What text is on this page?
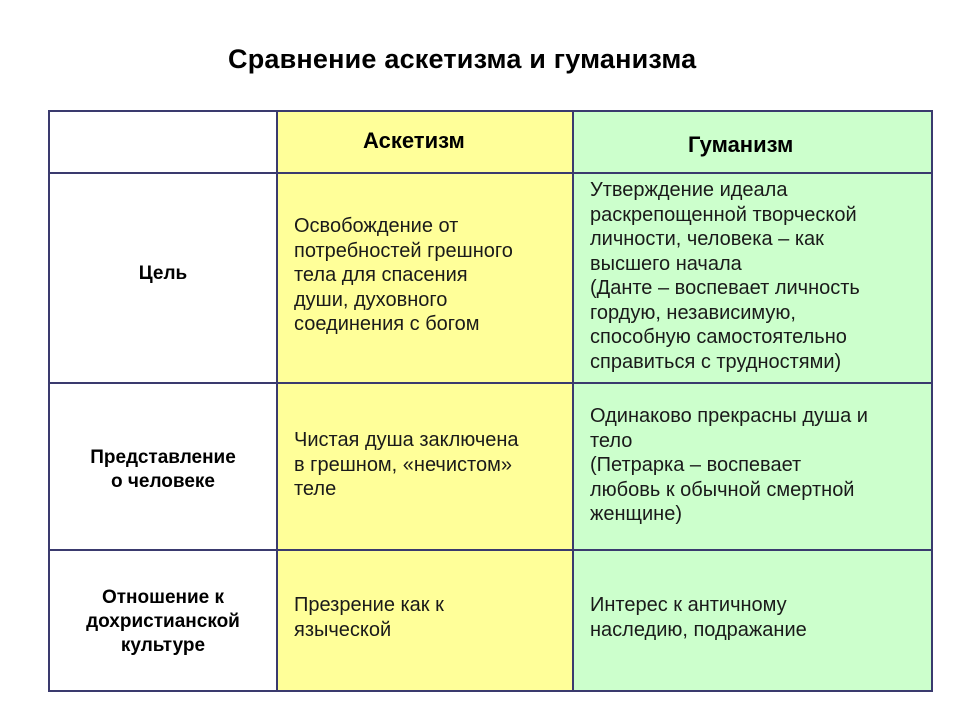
Сравнение аскетизма и гуманизма
Аскетизм	Гуманизм
Цель
Освобождение от
потребностей грешного
тела для спасения
души, духовного
соединения с богом
Утверждение идеала
раскрепощенной творческой
личности, человека – как
высшего начала
(Данте – воспевает личность
гордую, независимую,
способную самостоятельно
справиться с трудностями)
Представление
о человеке
Чистая душа заключена
в грешном, «нечистом»
теле
Одинаково прекрасны душа и
тело
(Петрарка – воспевает
любовь к обычной смертной
женщине)
Отношение к
дохристианской
культуре
Презрение как к
языческой
Интерес к античному
наследию, подражание
